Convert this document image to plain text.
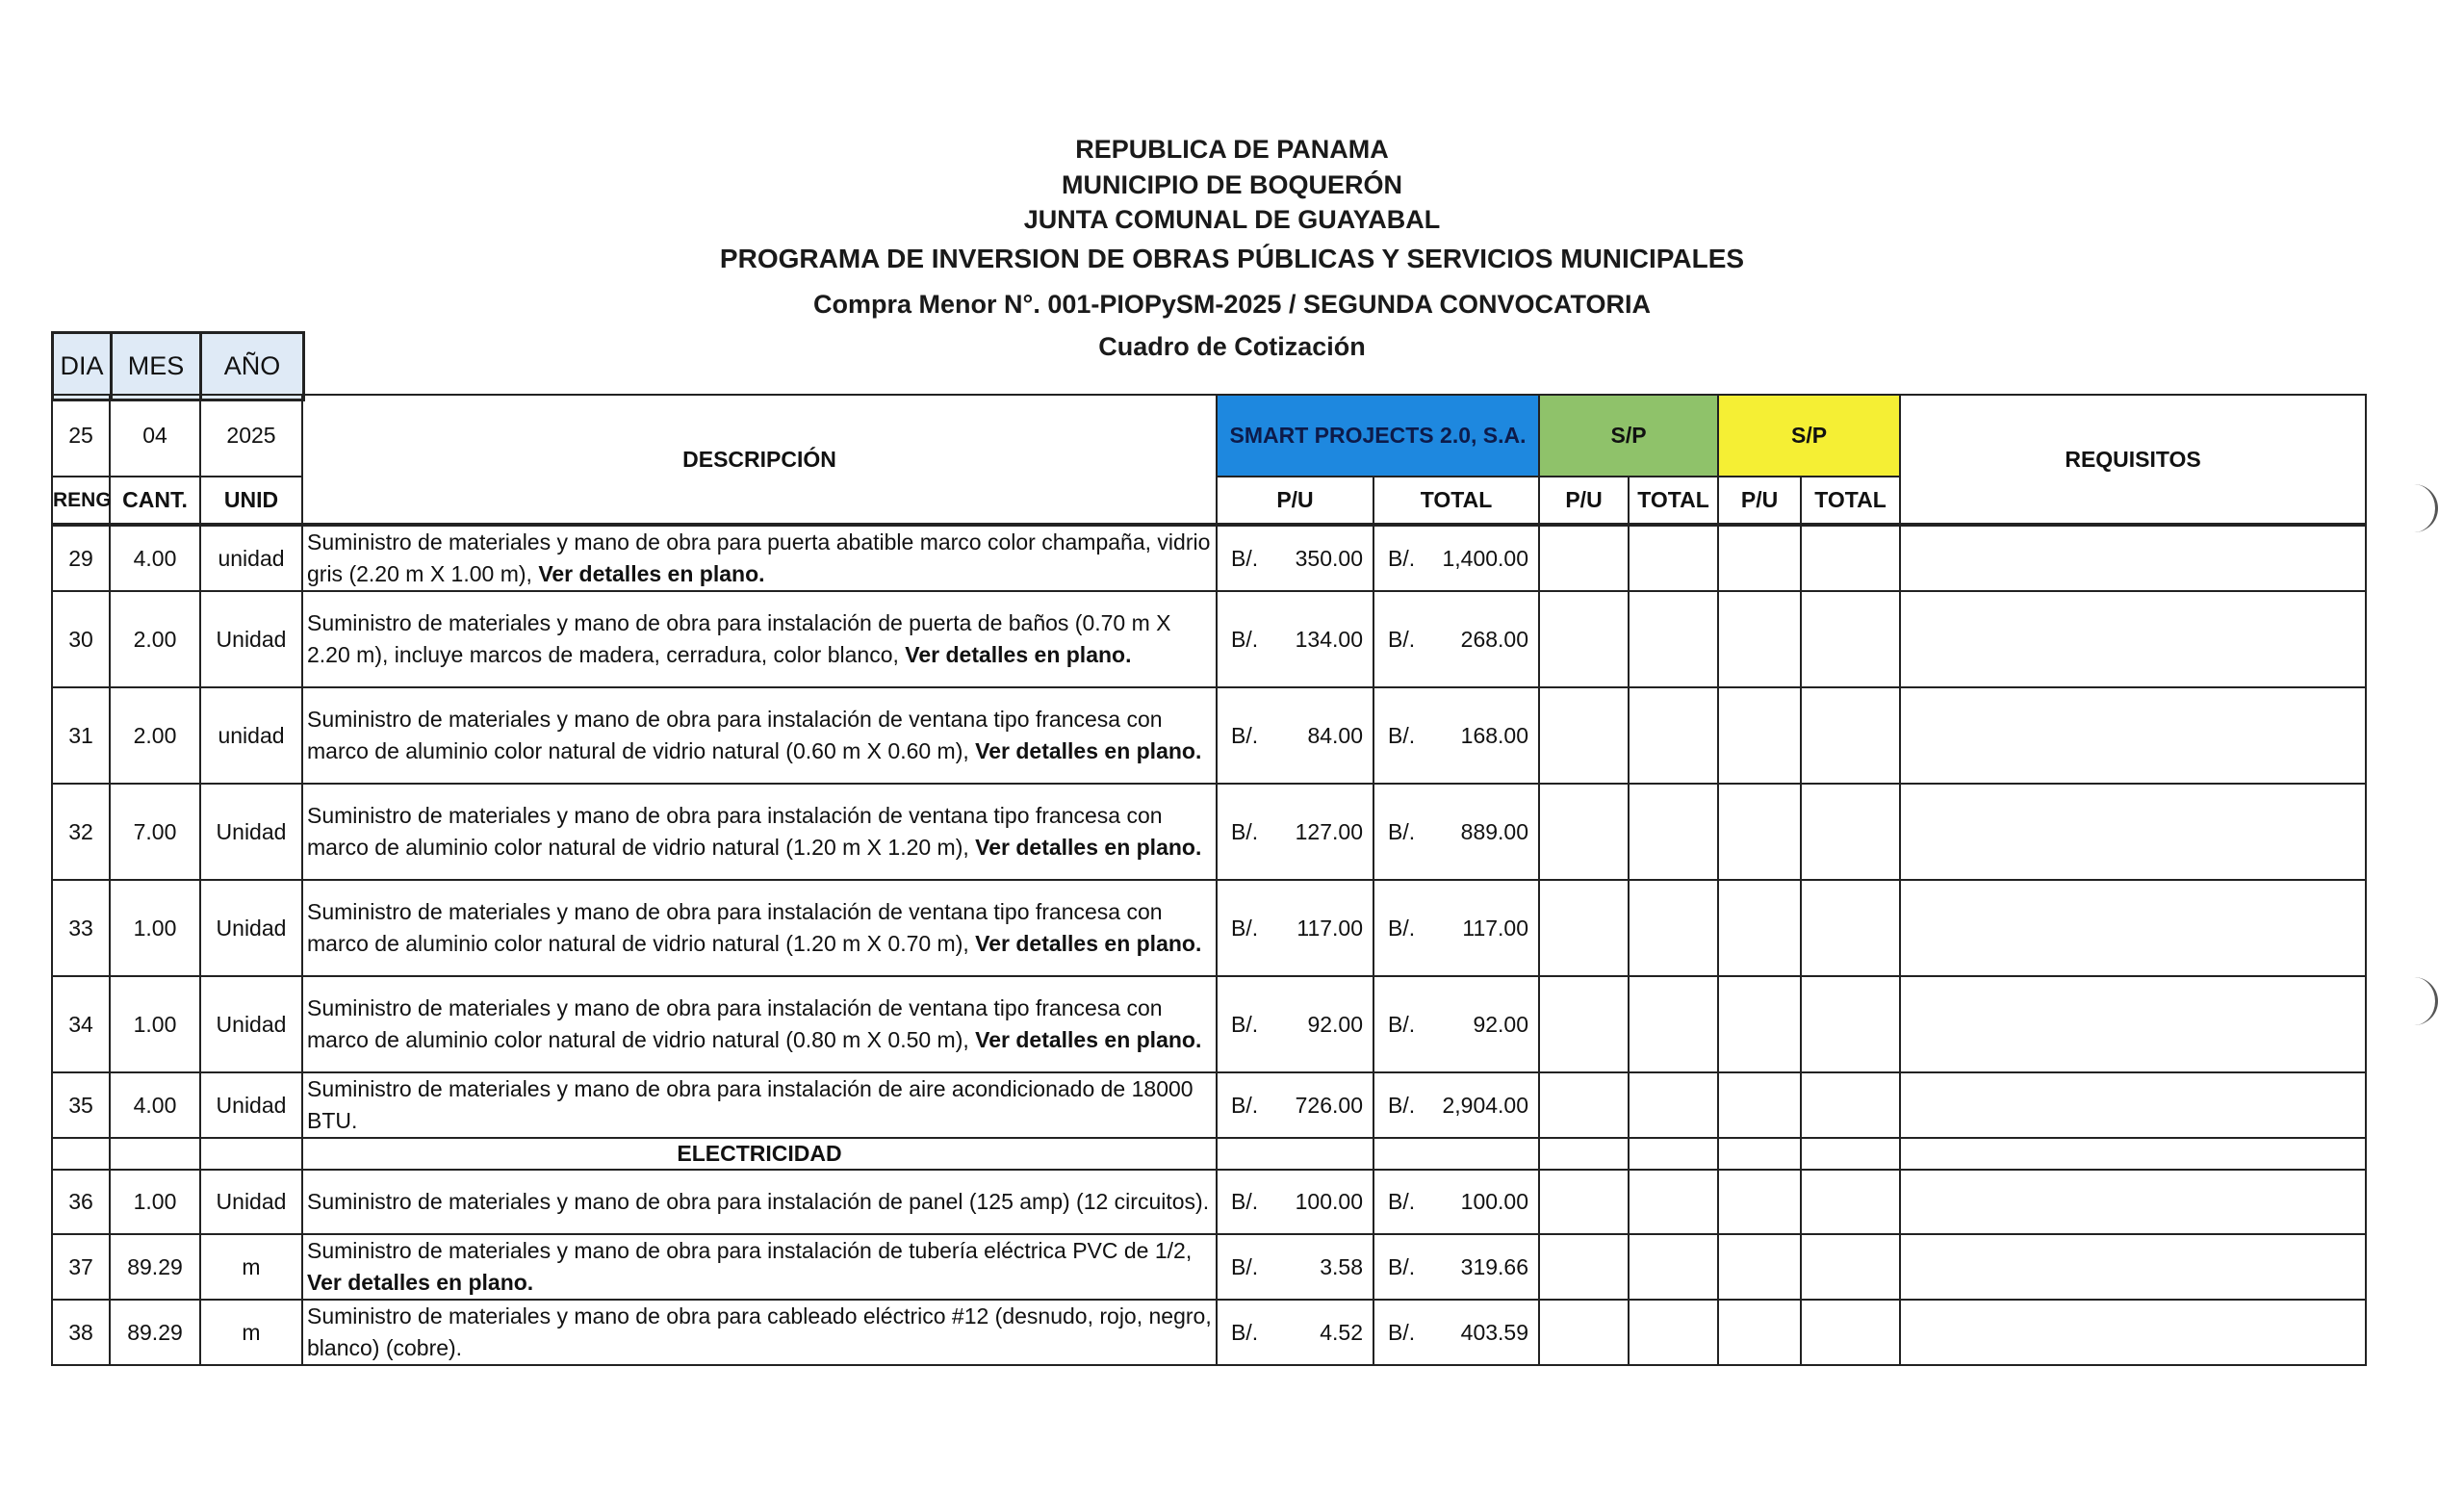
REPUBLICA DE PANAMA
MUNICIPIO DE BOQUERÓN
JUNTA COMUNAL DE GUAYABAL
PROGRAMA DE INVERSION DE OBRAS PÚBLICAS Y SERVICIOS MUNICIPALES
Compra Menor N°. 001-PIOPySM-2025 / SEGUNDA CONVOCATORIA
Cuadro de Cotización
DIA	MES	AÑO
25	04	2025	DESCRIPCIÓN	SMART PROJECTS 2.0, S.A.		S/P		S/P		REQUISITOS
RENG	CANT.	UNID		P/U	TOTAL	P/U	TOTAL	P/U	TOTAL	
29	4.00	unidad	Suministro de materiales y mano de obra para puerta abatible marco color champaña, vidrio gris (2.20 m X 1.00 m), Ver detalles en plano.	B/. 350.00	B/. 1,400.00					

30	2.00	Unidad	Suministro de materiales y mano de obra para instalación de puerta de baños (0.70 m X 2.20 m), incluye marcos de madera, cerradura, color blanco, Ver detalles en plano.	B/. 134.00	B/. 268.00					

31	2.00	unidad	Suministro de materiales y mano de obra para instalación de ventana tipo francesa con marco de aluminio color natural de vidrio natural (0.60 m X 0.60 m), Ver detalles en plano.	B/. 84.00	B/. 168.00					

32	7.00	Unidad	Suministro de materiales y mano de obra para instalación de ventana tipo francesa con marco de aluminio color natural de vidrio natural (1.20 m X 1.20 m), Ver detalles en plano.	B/. 127.00	B/. 889.00					

33	1.00	Unidad	Suministro de materiales y mano de obra para instalación de ventana tipo francesa con marco de aluminio color natural de vidrio natural (1.20 m X 0.70 m), Ver detalles en plano.	B/. 117.00	B/. 117.00					

34	1.00	Unidad	Suministro de materiales y mano de obra para instalación de ventana tipo francesa con marco de aluminio color natural de vidrio natural (0.80 m X 0.50 m), Ver detalles en plano.	B/. 92.00	B/. 92.00					

35	4.00	Unidad	Suministro de materiales y mano de obra para instalación de aire acondicionado de 18000 BTU.	B/. 726.00	B/. 2,904.00					

			ELECTRICIDAD							
36	1.00	Unidad	Suministro de materiales y mano de obra para instalación de panel (125 amp) (12 circuitos).	B/. 100.00	B/. 100.00					

37	89.29	m	Suministro de materiales y mano de obra para instalación de tubería eléctrica PVC de 1/2, Ver detalles en plano.	B/. 3.58	B/. 319.66					

38	89.29	m	Suministro de materiales y mano de obra para cableado eléctrico #12 (desnudo, rojo, negro, blanco) (cobre).	B/. 4.52	B/. 403.59					
